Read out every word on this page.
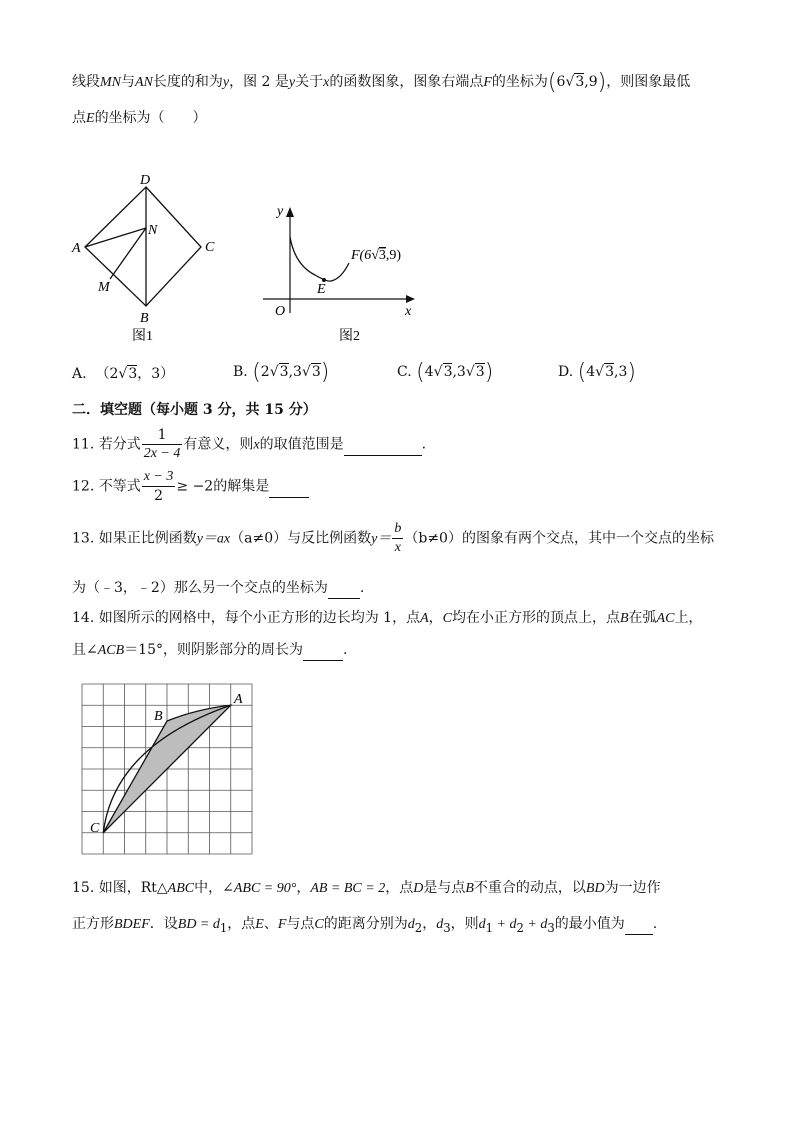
线段MN与AN长度的和为y，图 2 是y关于x的函数图象，图象右端点F的坐标为(6√3,9)，则图象最低
点E的坐标为（　　）
D
A
N
C
M
B
图1
y
F(6√3,9)
E
O	x
图2
A. （2√3，3）	B. (2√3,3√3)	C. (4√3,3√3)	D. (4√3,3)
二．填空题（每小题 3 分，共 15 分）
11. 若分式 $\frac{1}{2x - 4}$ 有意义，则x的取值范围是	.
12. 不等式 $\frac{x - 3}{2} \ge -2$的解集是
13. 如果正比例函数y＝ax（a≠0）与反比例函数$y= \frac{b}{x} (b\ne 0)$的图象有两个交点，其中一个交点的坐标
为（﹣3，﹣2）那么另一个交点的坐标为 .
14. 如图所示的网格中，每个小正方形的边长均为 1，点A，C均在小正方形的顶点上，点B在弧AC上，
且∠ACB＝15°，则阴影部分的周长为	.
A
B
C
15. 如图，Rt△ABC中，∠ABC = 90°，AB = BC = 2，点D是与点B不重合的动点，以BD为一边作
正方形BDEF．设BD = $d_1$，点E、F与点C的距离分别为$d_2$，$d_3$，则$d_1 + d_2 + d_3$的最小值为 .
